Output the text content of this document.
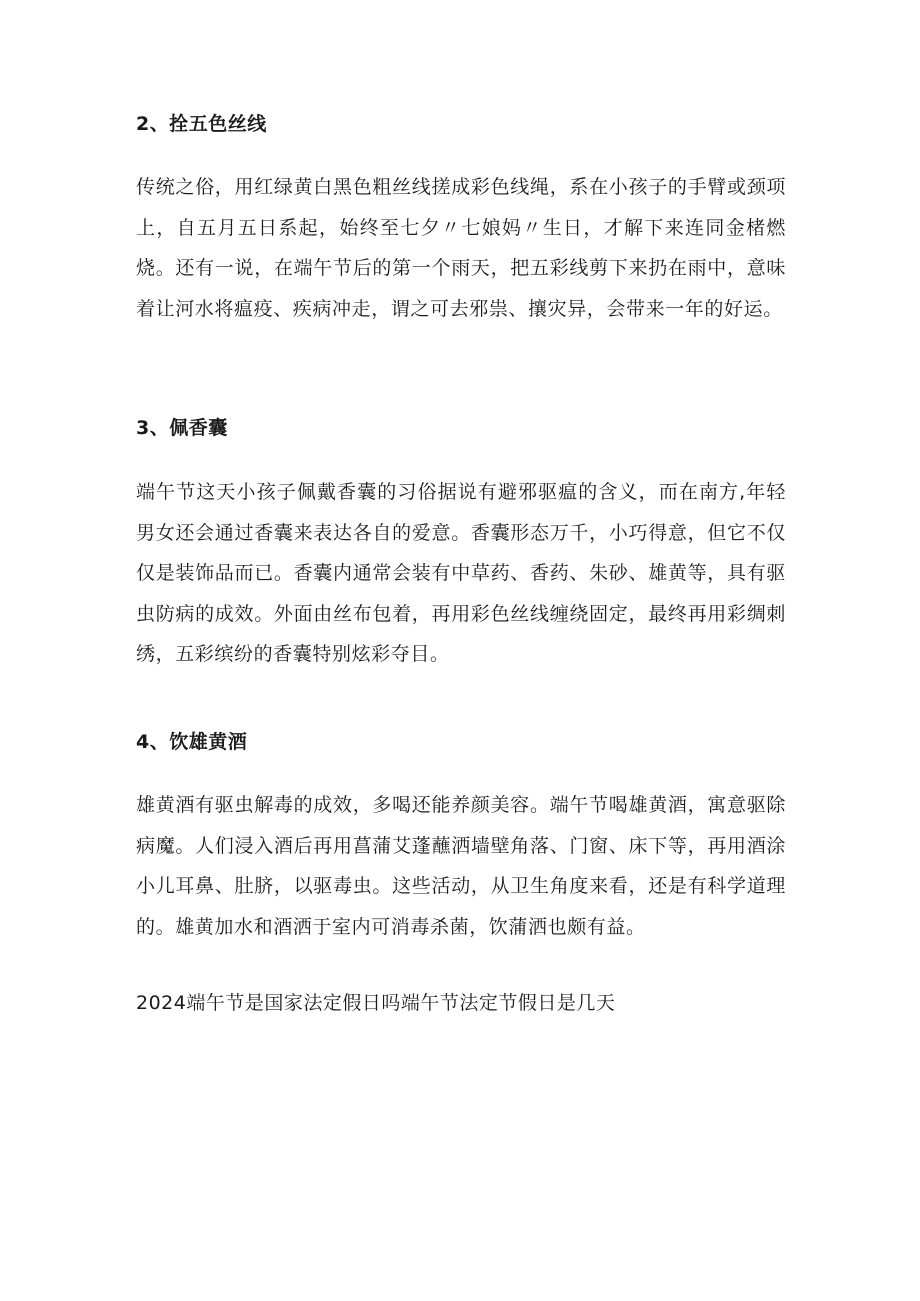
2、拴五色丝线

传统之俗，用红绿黄白黑色粗丝线搓成彩色线绳，系在小孩子的手臂或颈项上，自五月五日系起，始终至七夕〃七娘妈〃生日，才解下来连同金楮燃烧。还有一说，在端午节后的第一个雨天，把五彩线剪下来扔在雨中，意味着让河水将瘟疫、疾病冲走，谓之可去邪祟、攘灾异，会带来一年的好运。

3、佩香囊

端午节这天小孩子佩戴香囊的习俗据说有避邪驱瘟的含义，而在南方,年轻男女还会通过香囊来表达各自的爱意。香囊形态万千，小巧得意，但它不仅仅是装饰品而已。香囊内通常会装有中草药、香药、朱砂、雄黄等，具有驱虫防病的成效。外面由丝布包着，再用彩色丝线缠绕固定，最终再用彩绸刺绣，五彩缤纷的香囊特别炫彩夺目。

4、饮雄黄酒

雄黄酒有驱虫解毒的成效，多喝还能养颜美容。端午节喝雄黄酒，寓意驱除病魔。人们浸入酒后再用菖蒲艾蓬蘸洒墙壁角落、门窗、床下等，再用酒涂小儿耳鼻、肚脐，以驱毒虫。这些活动，从卫生角度来看，还是有科学道理的。雄黄加水和酒洒于室内可消毒杀菌，饮蒲洒也颇有益。

2024端午节是国家法定假日吗端午节法定节假日是几天
